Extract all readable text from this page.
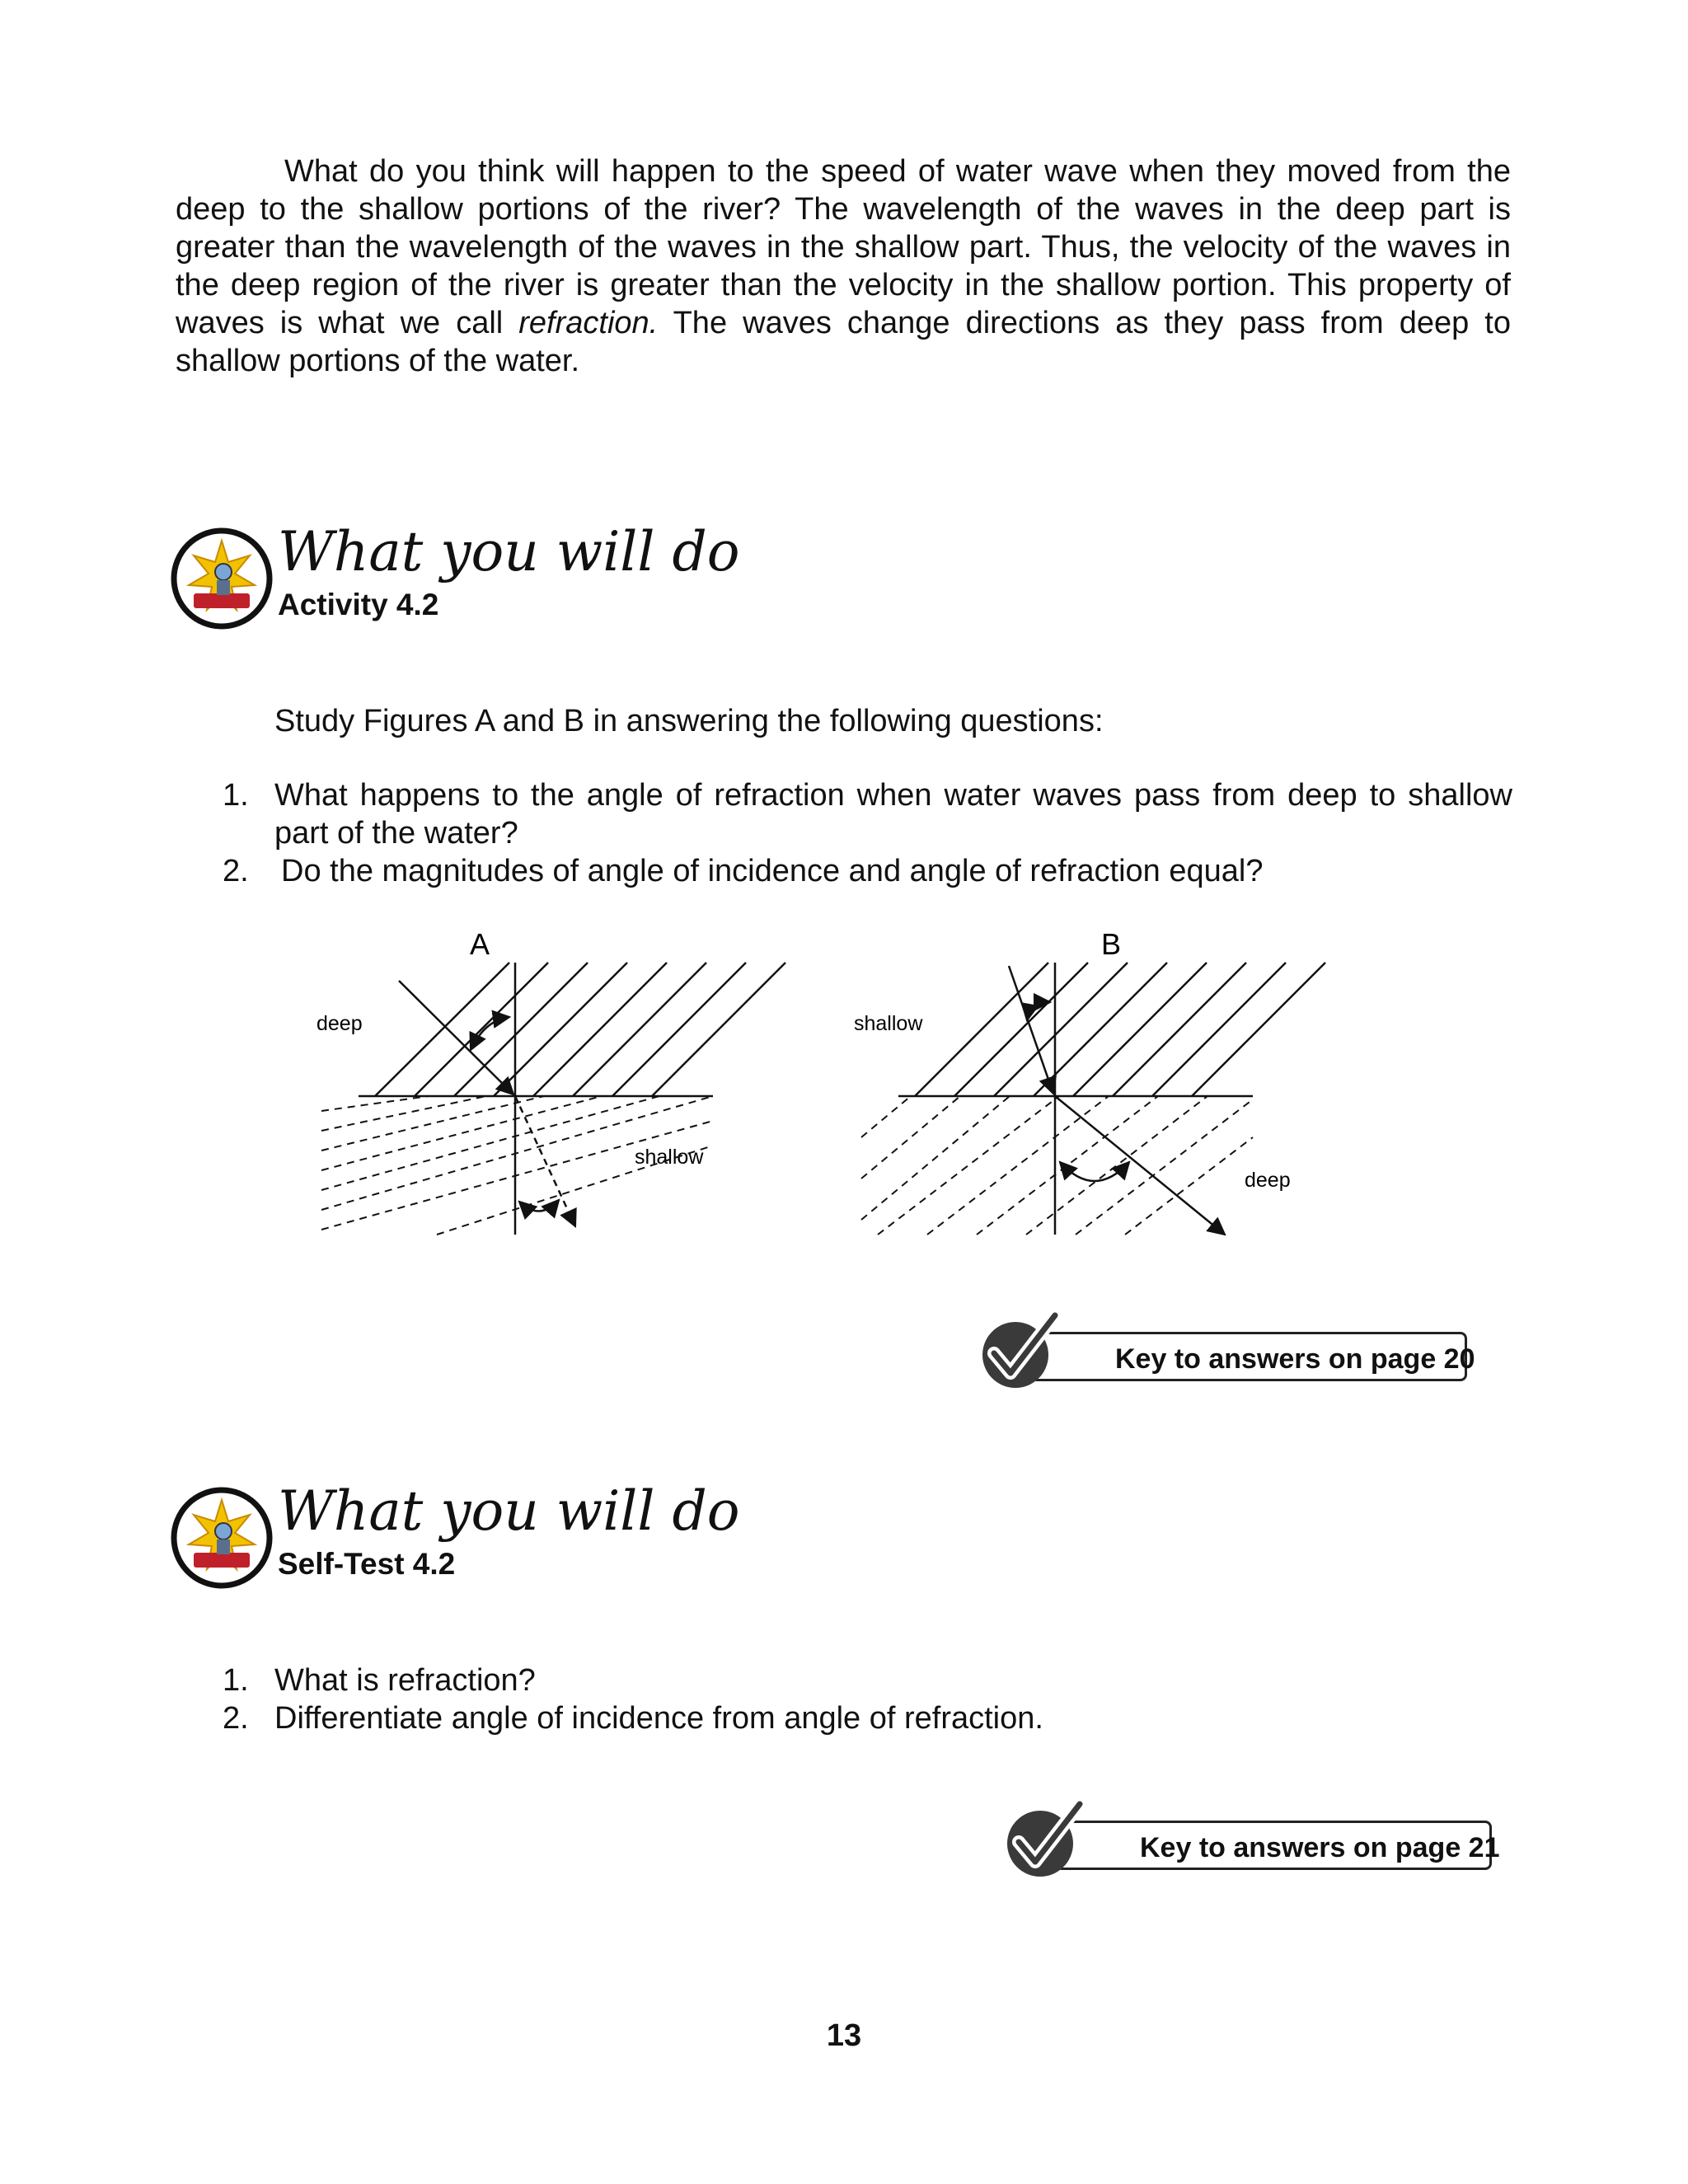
What do you think will happen to the speed of water wave when they moved from the deep to the shallow portions of the river? The wavelength of the waves in the deep part is greater than the wavelength of the waves in the shallow part. Thus, the velocity of the waves in the deep region of the river is greater than the velocity in the shallow portion. This property of waves is what we call refraction. The waves change directions as they pass from deep to shallow portions of the water.

What you will do
Activity 4.2

Study Figures A and B in answering the following questions:

1. What happens to the angle of refraction when water waves pass from deep to shallow part of the water?
2. Do the magnitudes of angle of incidence and angle of refraction equal?
A
deep
shallow
B
shallow
deep
Key to answers on page 20
What you will do
Self-Test 4.2
1. What is refraction?
2. Differentiate angle of incidence from angle of refraction.
Key to answers on page 21
13
